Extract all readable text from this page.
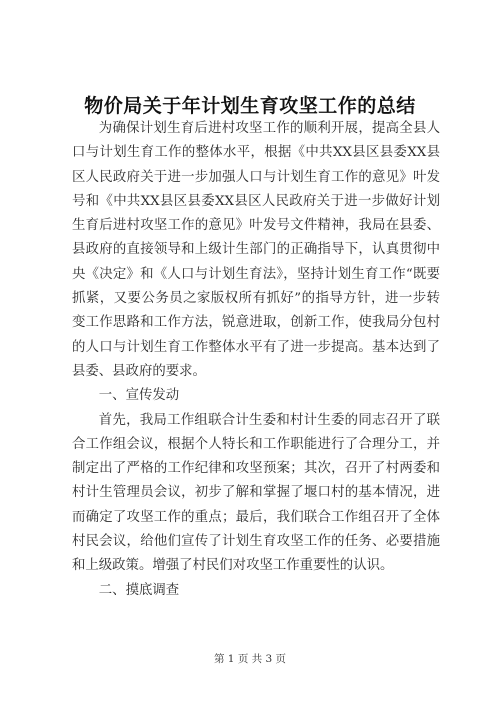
物价局关于年计划生育攻坚工作的总结

为确保计划生育后进村攻坚工作的顺利开展，提高全县人口与计划生育工作的整体水平，根据《中共XX县区县委XX县区人民政府关于进一步加强人口与计划生育工作的意见》叶发号和《中共XX县区县委XX县区人民政府关于进一步做好计划生育后进村攻坚工作的意见》叶发号文件精神，我局在县委、县政府的直接领导和上级计生部门的正确指导下，认真贯彻中央《决定》和《人口与计划生育法》，坚持计划生育工作“既要抓紧，又要公务员之家版权所有抓好”的指导方针，进一步转变工作思路和工作方法，锐意进取，创新工作，使我局分包村的人口与计划生育工作整体水平有了进一步提高。基本达到了县委、县政府的要求。

一、宣传发动

首先，我局工作组联合计生委和村计生委的同志召开了联合工作组会议，根据个人特长和工作职能进行了合理分工，并制定出了严格的工作纪律和攻坚预案；其次，召开了村两委和村计生管理员会议，初步了解和掌握了堰口村的基本情况，进而确定了攻坚工作的重点；最后，我们联合工作组召开了全体村民会议，给他们宣传了计划生育攻坚工作的任务、必要措施和上级政策。增强了村民们对攻坚工作重要性的认识。

二、摸底调查

第 1 页 共 3 页
